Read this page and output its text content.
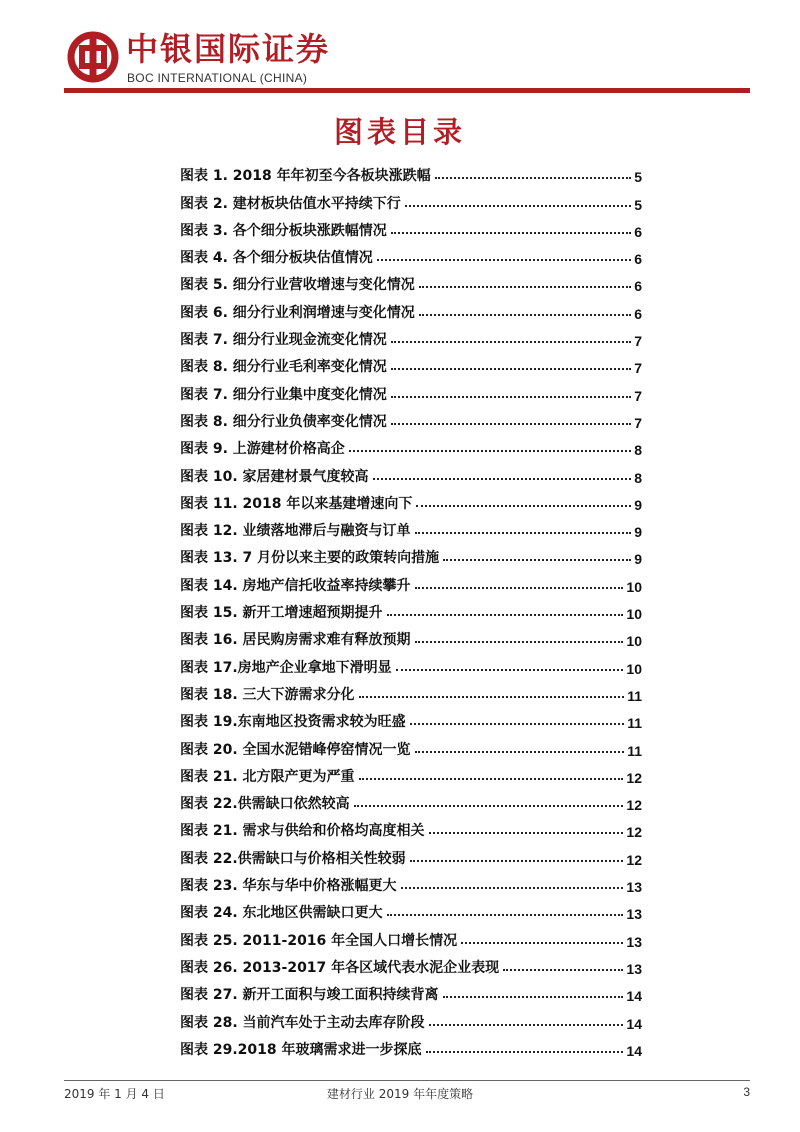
中银国际证券
BOC INTERNATIONAL (CHINA)
图表目录
图表 1. 2018 年年初至今各板块涨跌幅	5
图表 2. 建材板块估值水平持续下行	5
图表 3. 各个细分板块涨跌幅情况	6
图表 4. 各个细分板块估值情况	6
图表 5. 细分行业营收增速与变化情况	6
图表 6. 细分行业利润增速与变化情况	6
图表 7. 细分行业现金流变化情况	7
图表 8. 细分行业毛利率变化情况	7
图表 7. 细分行业集中度变化情况	7
图表 8. 细分行业负债率变化情况	7
图表 9. 上游建材价格高企	8
图表 10. 家居建材景气度较高	8
图表 11. 2018 年以来基建增速向下	9
图表 12. 业绩落地滞后与融资与订单	9
图表 13. 7 月份以来主要的政策转向措施	9
图表 14. 房地产信托收益率持续攀升	10
图表 15. 新开工增速超预期提升	10
图表 16. 居民购房需求难有释放预期	10
图表 17.房地产企业拿地下滑明显	10
图表 18. 三大下游需求分化	11
图表 19.东南地区投资需求较为旺盛	11
图表 20. 全国水泥错峰停窑情况一览	11
图表 21. 北方限产更为严重	12
图表 22.供需缺口依然较高	12
图表 21. 需求与供给和价格均高度相关	12
图表 22.供需缺口与价格相关性较弱	12
图表 23. 华东与华中价格涨幅更大	13
图表 24. 东北地区供需缺口更大	13
图表 25. 2011-2016 年全国人口增长情况	13
图表 26. 2013-2017 年各区域代表水泥企业表现	13
图表 27. 新开工面积与竣工面积持续背离	14
图表 28. 当前汽车处于主动去库存阶段	14
图表 29.2018 年玻璃需求进一步探底	14
2019 年 1 月 4 日	建材行业 2019 年年度策略	3
